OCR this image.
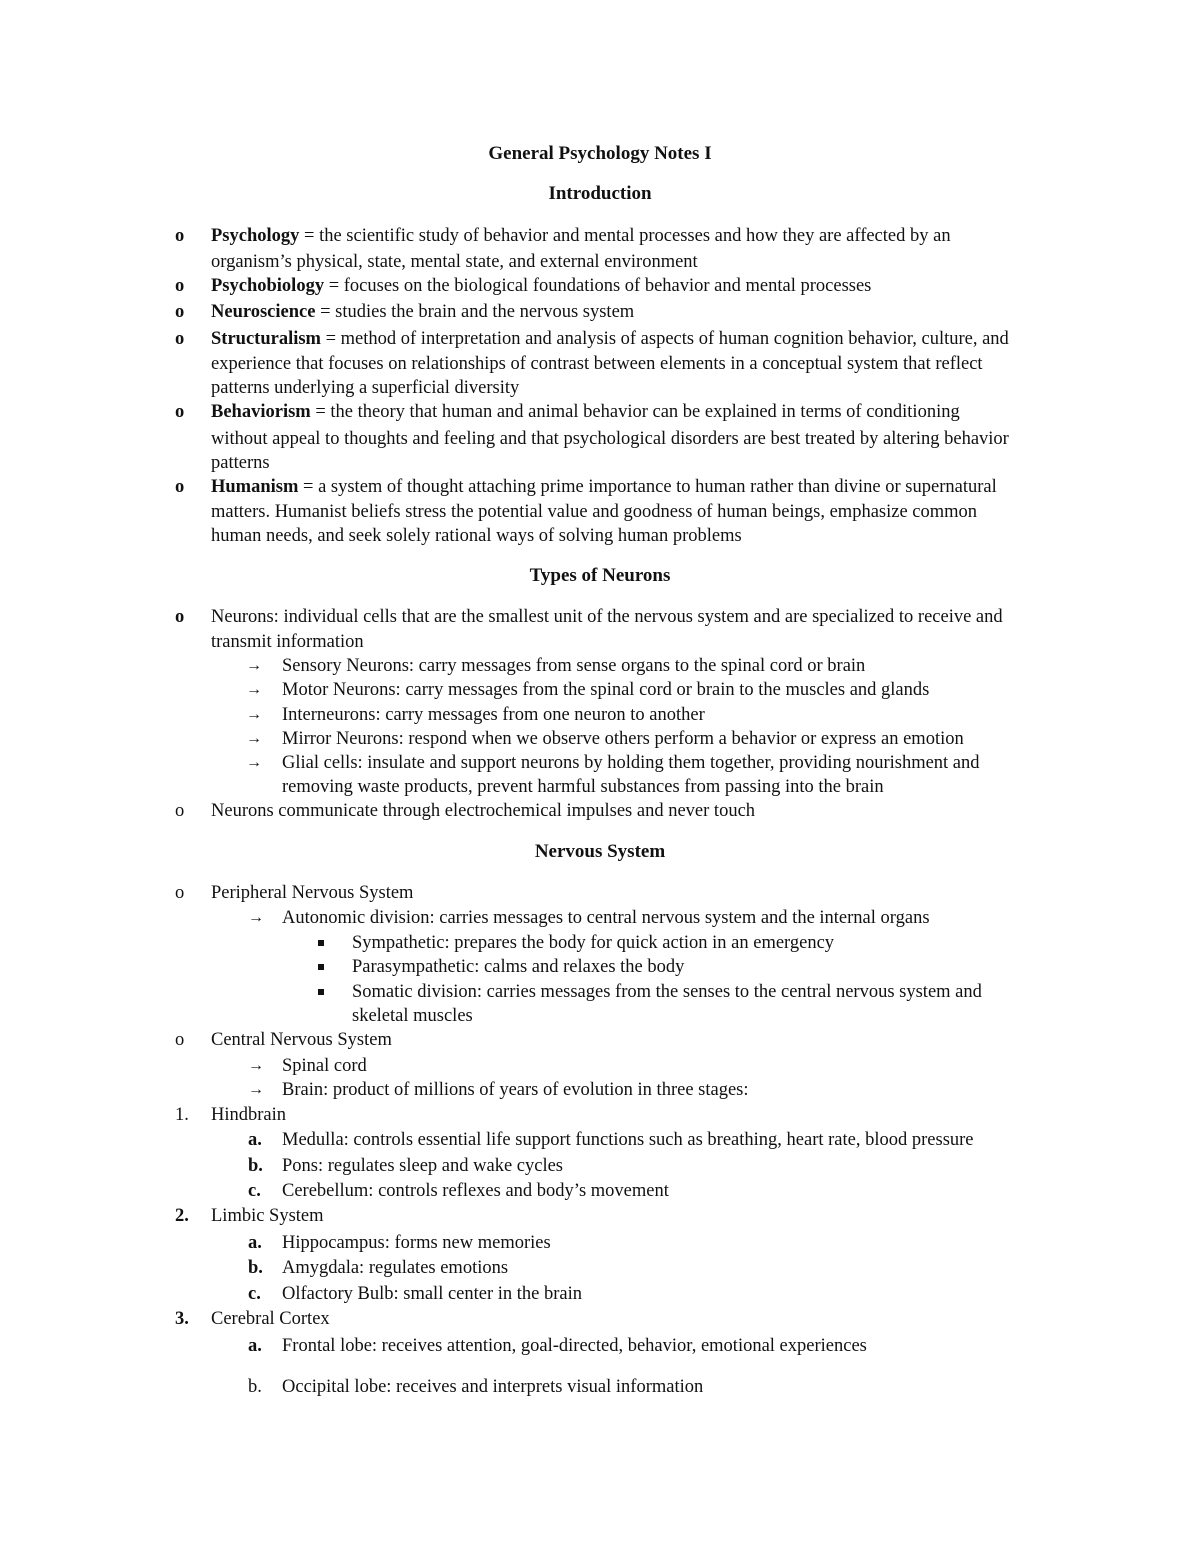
General Psychology Notes I
Introduction
o Psychology = the scientific study of behavior and mental processes and how they are affected by an
organism’s physical, state, mental state, and external environment
o Psychobiology = focuses on the biological foundations of behavior and mental processes
o Neuroscience = studies the brain and the nervous system
o Structuralism = method of interpretation and analysis of aspects of human cognition behavior, culture, and
experience that focuses on relationships of contrast between elements in a conceptual system that reflect
patterns underlying a superficial diversity
o Behaviorism = the theory that human and animal behavior can be explained in terms of conditioning
without appeal to thoughts and feeling and that psychological disorders are best treated by altering behavior
patterns
o Humanism = a system of thought attaching prime importance to human rather than divine or supernatural
matters. Humanist beliefs stress the potential value and goodness of human beings, emphasize common
human needs, and seek solely rational ways of solving human problems
Types of Neurons
o Neurons: individual cells that are the smallest unit of the nervous system and are specialized to receive and
transmit information
→ Sensory Neurons: carry messages from sense organs to the spinal cord or brain
→ Motor Neurons: carry messages from the spinal cord or brain to the muscles and glands
→ Interneurons: carry messages from one neuron to another
→ Mirror Neurons: respond when we observe others perform a behavior or express an emotion
→ Glial cells: insulate and support neurons by holding them together, providing nourishment and
removing waste products, prevent harmful substances from passing into the brain
o Neurons communicate through electrochemical impulses and never touch
Nervous System
o Peripheral Nervous System
→ Autonomic division: carries messages to central nervous system and the internal organs
Sympathetic: prepares the body for quick action in an emergency
Parasympathetic: calms and relaxes the body
Somatic division: carries messages from the senses to the central nervous system and
skeletal muscles
o Central Nervous System
→ Spinal cord
→ Brain: product of millions of years of evolution in three stages:
1. Hindbrain
a. Medulla: controls essential life support functions such as breathing, heart rate, blood pressure
b. Pons: regulates sleep and wake cycles
c. Cerebellum: controls reflexes and body’s movement
2. Limbic System
a. Hippocampus: forms new memories
b. Amygdala: regulates emotions
c. Olfactory Bulb: small center in the brain
3. Cerebral Cortex
a. Frontal lobe: receives attention, goal-directed, behavior, emotional experiences
b. Occipital lobe: receives and interprets visual information
